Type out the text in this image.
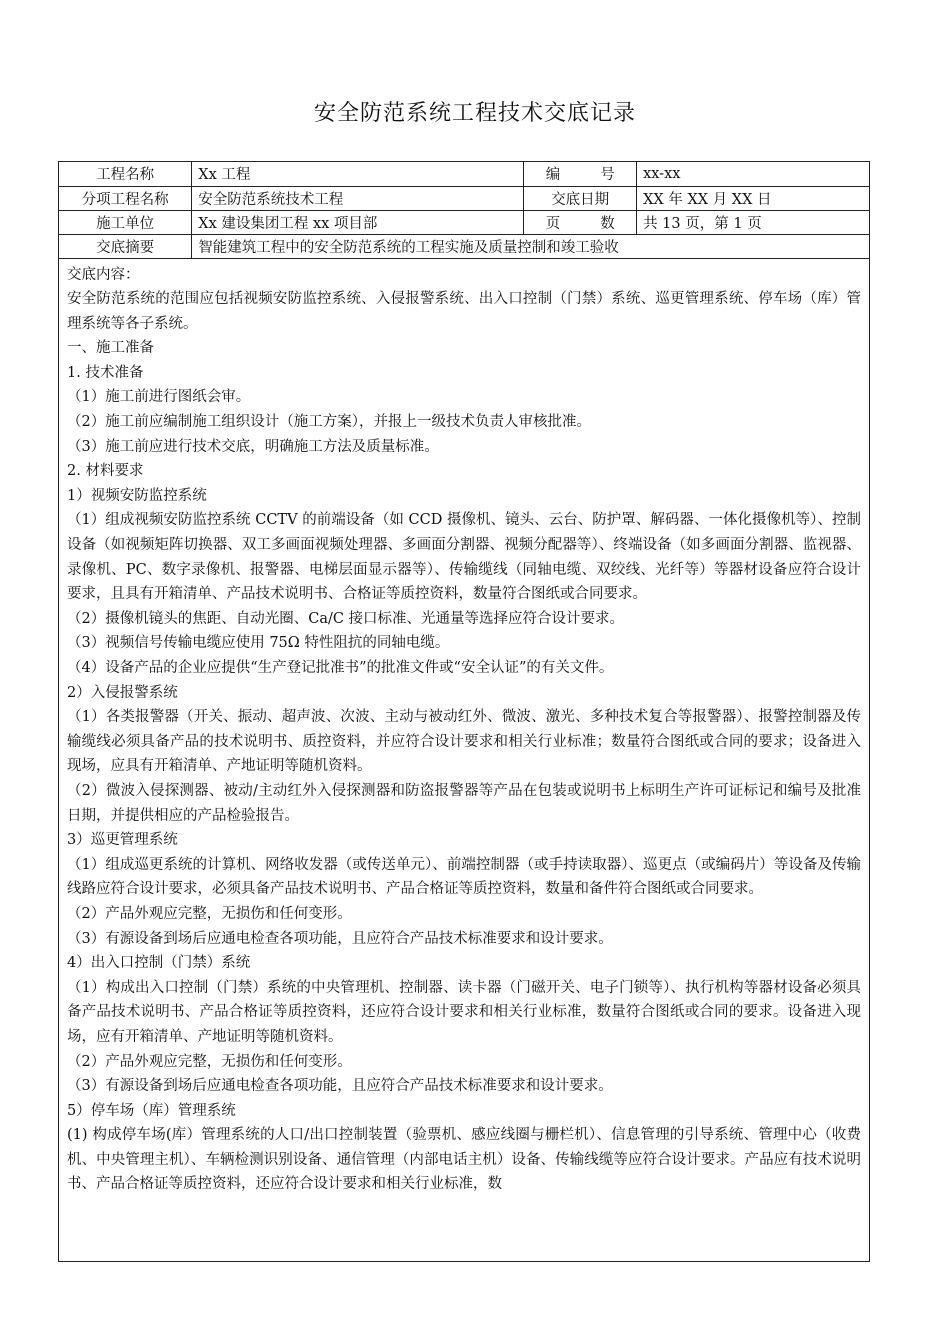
安全防范系统工程技术交底记录
工程名称	Xx 工程	编 号	xx-xx
分项工程名称	安全防范系统技术工程	交底日期	XX 年 XX 月 XX 日
施工单位	Xx 建设集团工程 xx 项目部	页 数	共 13 页，第 1 页
交底摘要	智能建筑工程中的安全防范系统的工程实施及质量控制和竣工验收		

交底内容：

安全防范系统的范围应包括视频安防监控系统、入侵报警系统、出入口控制（门禁）系统、巡更管理系统、停车场（库）管理系统等各子系统。

一、施工准备

1. 技术准备

（1）施工前进行图纸会审。

（2）施工前应编制施工组织设计（施工方案），并报上一级技术负责人审核批准。

（3）施工前应进行技术交底，明确施工方法及质量标准。

2. 材料要求

1）视频安防监控系统

（1）组成视频安防监控系统 CCTV 的前端设备（如 CCD 摄像机、镜头、云台、防护罩、解码器、一体化摄像机等）、控制设备（如视频矩阵切换器、双工多画面视频处理器、多画面分割器、视频分配器等）、终端设备（如多画面分割器、监视器、录像机、PC、数字录像机、报警器、电梯层面显示器等）、传输缆线（同轴电缆、双绞线、光纤等）等器材设备应符合设计要求，且具有开箱清单、产品技术说明书、合格证等质控资料，数量符合图纸或合同要求。

（2）摄像机镜头的焦距、自动光圈、Ca/C 接口标准、光通量等选择应符合设计要求。

（3）视频信号传输电缆应使用 75Ω 特性阻抗的同轴电缆。

（4）设备产品的企业应提供“生产登记批准书”的批准文件或“安全认证”的有关文件。

2）入侵报警系统

（1）各类报警器（开关、振动、超声波、次波、主动与被动红外、微波、激光、多种技术复合等报警器）、报警控制器及传输缆线必须具备产品的技术说明书、质控资料，并应符合设计要求和相关行业标准；数量符合图纸或合同的要求；设备进入现场，应具有开箱清单、产地证明等随机资料。

（2）微波入侵探测器、被动/主动红外入侵探测器和防盗报警器等产品在包装或说明书上标明生产许可证标记和编号及批准日期，并提供相应的产品检验报告。

3）巡更管理系统

（1）组成巡更系统的计算机、网络收发器（或传送单元）、前端控制器（或手持读取器）、巡更点（或编码片）等设备及传输线路应符合设计要求，必须具备产品技术说明书、产品合格证等质控资料，数量和备件符合图纸或合同要求。

（2）产品外观应完整，无损伤和任何变形。

（3）有源设备到场后应通电检查各项功能，且应符合产品技术标准要求和设计要求。

4）出入口控制（门禁）系统

（1）构成出入口控制（门禁）系统的中央管理机、控制器、读卡器（门磁开关、电子门锁等）、执行机构等器材设备必须具备产品技术说明书、产品合格证等质控资料，还应符合设计要求和相关行业标准，数量符合图纸或合同的要求。设备进入现场，应有开箱清单、产地证明等随机资料。

（2）产品外观应完整，无损伤和任何变形。

（3）有源设备到场后应通电检查各项功能，且应符合产品技术标准要求和设计要求。

5）停车场（库）管理系统

(1) 构成停车场(库）管理系统的人口/出口控制装置（验票机、感应线圈与栅栏机）、信息管理的引导系统、管理中心（收费机、中央管理主机）、车辆检测识别设备、通信管理（内部电话主机）设备、传输线缆等应符合设计要求。产品应有技术说明书、产品合格证等质控资料，还应符合设计要求和相关行业标准，数
